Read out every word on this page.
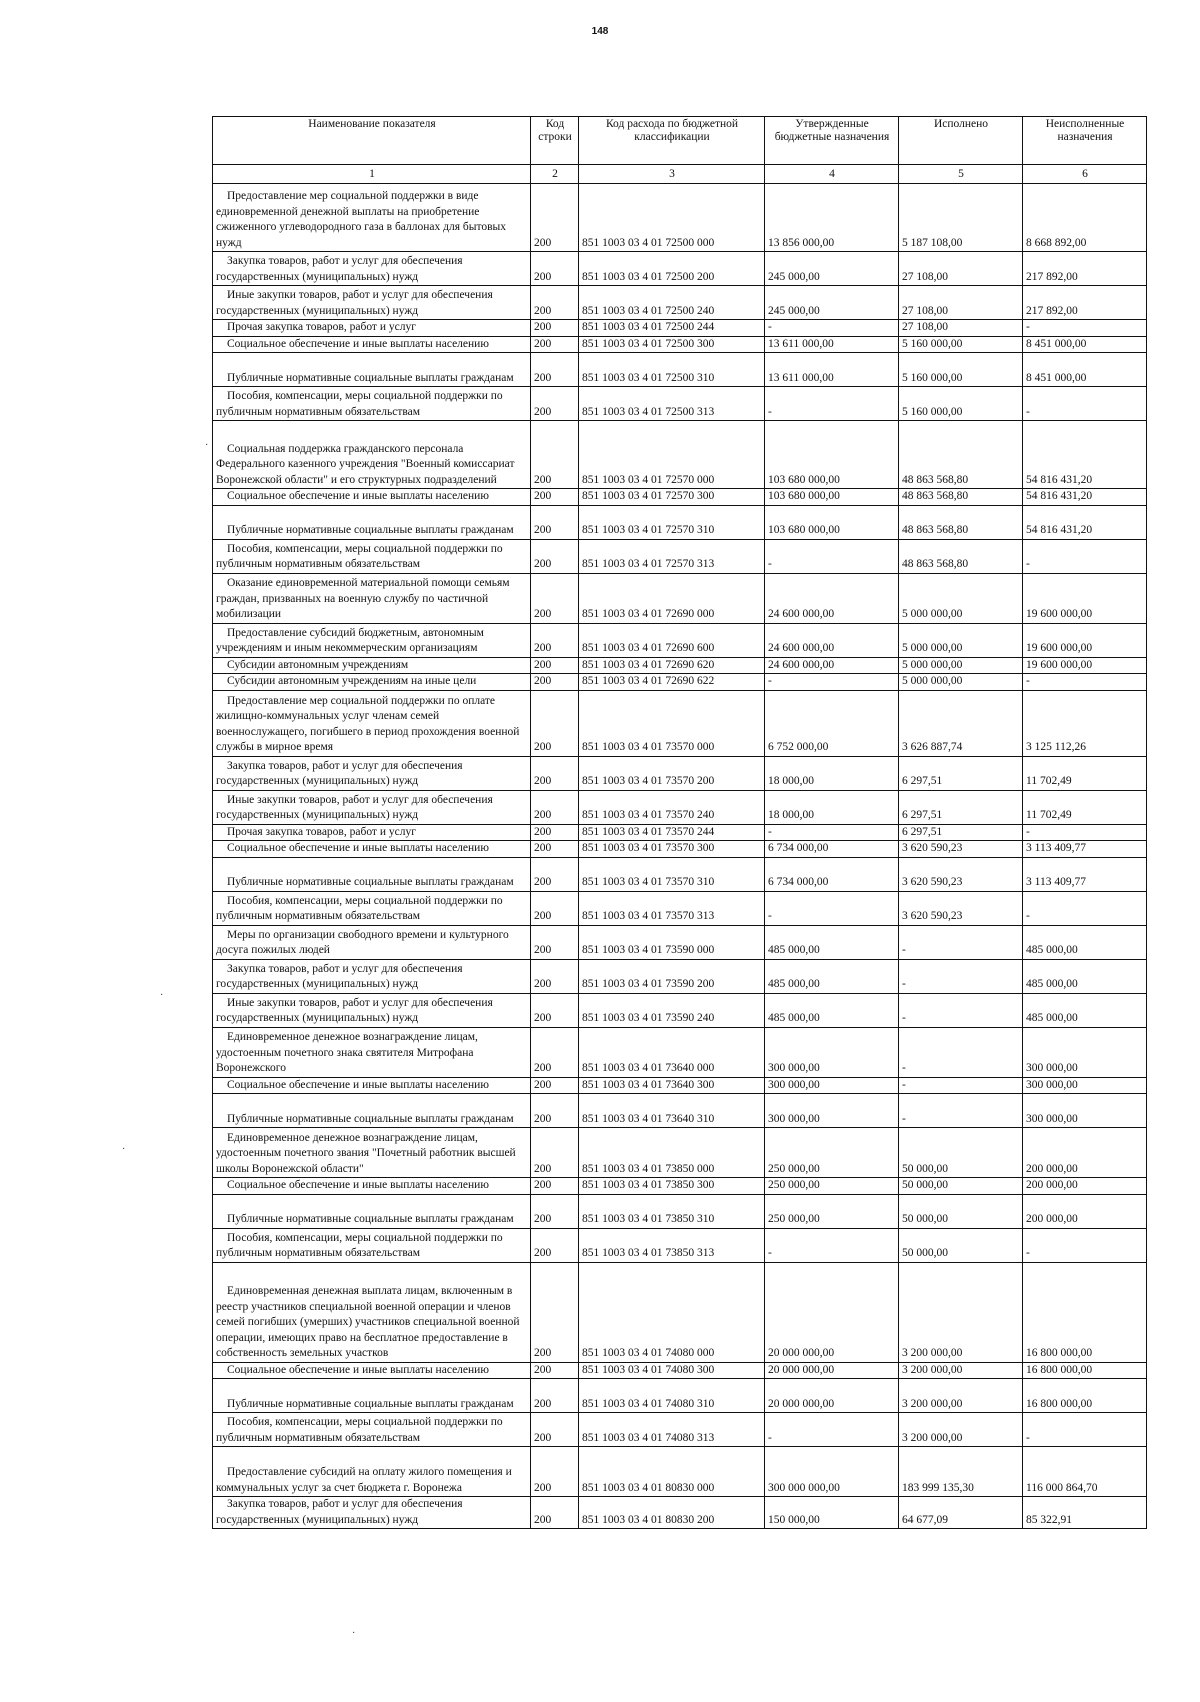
148
Наименование показателя	Код строки	Код расхода по бюджетной классификации	Утвержденные бюджетные назначения	Исполнено	Неисполненные назначения
1	2	3	4	5	6

Предоставление мер социальной поддержки в виде единовременной денежной выплаты на приобретение сжиженного углеводородного газа в баллонах для бытовых нужд	200	851 1003 03 4 01 72500 000	13 856 000,00	5 187 108,00	8 668 892,00

Закупка товаров, работ и услуг для обеспечения государственных (муниципальных) нужд	200	851 1003 03 4 01 72500 200	245 000,00	27 108,00	217 892,00

Иные закупки товаров, работ и услуг для обеспечения государственных (муниципальных) нужд	200	851 1003 03 4 01 72500 240	245 000,00	27 108,00	217 892,00

Прочая закупка товаров, работ и услуг	200	851 1003 03 4 01 72500 244	-	27 108,00	-

Социальное обеспечение и иные выплаты населению	200	851 1003 03 4 01 72500 300	13 611 000,00	5 160 000,00	8 451 000,00

Публичные нормативные социальные выплаты гражданам	200	851 1003 03 4 01 72500 310	13 611 000,00	5 160 000,00	8 451 000,00

Пособия, компенсации, меры социальной поддержки по публичным нормативным обязательствам	200	851 1003 03 4 01 72500 313	-	5 160 000,00	-

Социальная поддержка гражданского персонала Федерального казенного учреждения "Военный комиссариат Воронежской области" и его структурных подразделений	200	851 1003 03 4 01 72570 000	103 680 000,00	48 863 568,80	54 816 431,20

Социальное обеспечение и иные выплаты населению	200	851 1003 03 4 01 72570 300	103 680 000,00	48 863 568,80	54 816 431,20

Публичные нормативные социальные выплаты гражданам	200	851 1003 03 4 01 72570 310	103 680 000,00	48 863 568,80	54 816 431,20

Пособия, компенсации, меры социальной поддержки по публичным нормативным обязательствам	200	851 1003 03 4 01 72570 313	-	48 863 568,80	-

Оказание единовременной материальной помощи семьям граждан, призванных на военную службу по частичной мобилизации	200	851 1003 03 4 01 72690 000	24 600 000,00	5 000 000,00	19 600 000,00

Предоставление субсидий бюджетным, автономным учреждениям и иным некоммерческим организациям	200	851 1003 03 4 01 72690 600	24 600 000,00	5 000 000,00	19 600 000,00

Субсидии автономным учреждениям	200	851 1003 03 4 01 72690 620	24 600 000,00	5 000 000,00	19 600 000,00

Субсидии автономным учреждениям на иные цели	200	851 1003 03 4 01 72690 622	-	5 000 000,00	-

Предоставление мер социальной поддержки по оплате жилищно-коммунальных услуг членам семей военнослужащего, погибшего в период прохождения военной службы в мирное время	200	851 1003 03 4 01 73570 000	6 752 000,00	3 626 887,74	3 125 112,26

Закупка товаров, работ и услуг для обеспечения государственных (муниципальных) нужд	200	851 1003 03 4 01 73570 200	18 000,00	6 297,51	11 702,49

Иные закупки товаров, работ и услуг для обеспечения государственных (муниципальных) нужд	200	851 1003 03 4 01 73570 240	18 000,00	6 297,51	11 702,49

Прочая закупка товаров, работ и услуг	200	851 1003 03 4 01 73570 244	-	6 297,51	-

Социальное обеспечение и иные выплаты населению	200	851 1003 03 4 01 73570 300	6 734 000,00	3 620 590,23	3 113 409,77

Публичные нормативные социальные выплаты гражданам	200	851 1003 03 4 01 73570 310	6 734 000,00	3 620 590,23	3 113 409,77

Пособия, компенсации, меры социальной поддержки по публичным нормативным обязательствам	200	851 1003 03 4 01 73570 313	-	3 620 590,23	-

Меры по организации свободного времени и культурного досуга пожилых людей	200	851 1003 03 4 01 73590 000	485 000,00	-	485 000,00

Закупка товаров, работ и услуг для обеспечения государственных (муниципальных) нужд	200	851 1003 03 4 01 73590 200	485 000,00	-	485 000,00

Иные закупки товаров, работ и услуг для обеспечения государственных (муниципальных) нужд	200	851 1003 03 4 01 73590 240	485 000,00	-	485 000,00

Единовременное денежное вознаграждение лицам, удостоенным почетного знака святителя Митрофана Воронежского	200	851 1003 03 4 01 73640 000	300 000,00	-	300 000,00

Социальное обеспечение и иные выплаты населению	200	851 1003 03 4 01 73640 300	300 000,00	-	300 000,00

Публичные нормативные социальные выплаты гражданам	200	851 1003 03 4 01 73640 310	300 000,00	-	300 000,00

Единовременное денежное вознаграждение лицам, удостоенным почетного звания "Почетный работник высшей школы Воронежской области"	200	851 1003 03 4 01 73850 000	250 000,00	50 000,00	200 000,00

Социальное обеспечение и иные выплаты населению	200	851 1003 03 4 01 73850 300	250 000,00	50 000,00	200 000,00

Публичные нормативные социальные выплаты гражданам	200	851 1003 03 4 01 73850 310	250 000,00	50 000,00	200 000,00

Пособия, компенсации, меры социальной поддержки по публичным нормативным обязательствам	200	851 1003 03 4 01 73850 313	-	50 000,00	-

Единовременная денежная выплата лицам, включенным в реестр участников специальной военной операции и членов семей погибших (умерших) участников специальной военной операции, имеющих право на бесплатное предоставление в собственность земельных участков	200	851 1003 03 4 01 74080 000	20 000 000,00	3 200 000,00	16 800 000,00

Социальное обеспечение и иные выплаты населению	200	851 1003 03 4 01 74080 300	20 000 000,00	3 200 000,00	16 800 000,00

Публичные нормативные социальные выплаты гражданам	200	851 1003 03 4 01 74080 310	20 000 000,00	3 200 000,00	16 800 000,00

Пособия, компенсации, меры социальной поддержки по публичным нормативным обязательствам	200	851 1003 03 4 01 74080 313	-	3 200 000,00	-

Предоставление субсидий на оплату жилого помещения и коммунальных услуг за счет бюджета г. Воронежа	200	851 1003 03 4 01 80830 000	300 000 000,00	183 999 135,30	116 000 864,70

Закупка товаров, работ и услуг для обеспечения государственных (муниципальных) нужд	200	851 1003 03 4 01 80830 200	150 000,00	64 677,09	85 322,91
·
·
·
·
